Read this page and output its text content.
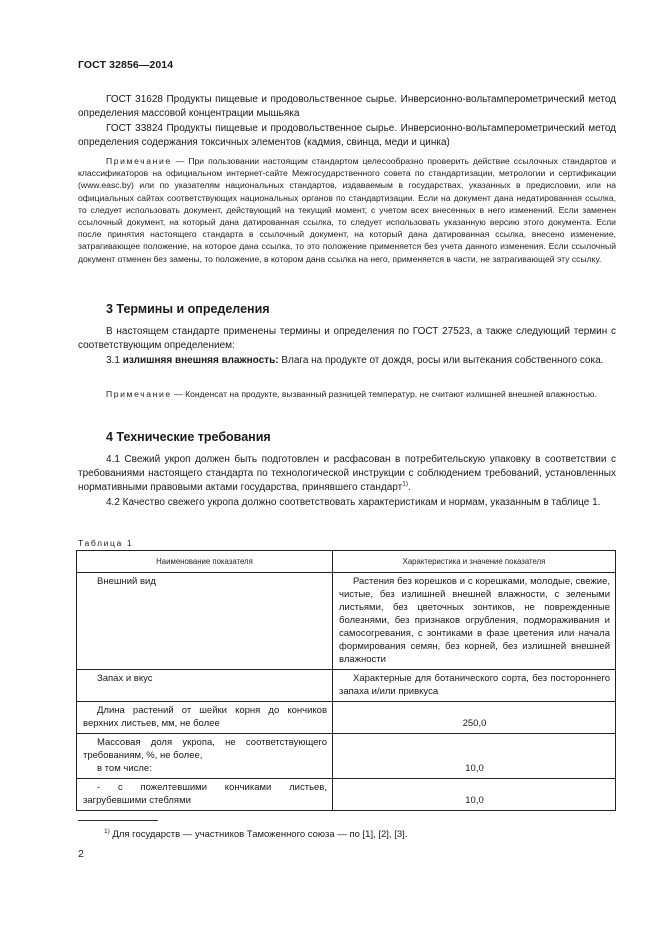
ГОСТ 32856—2014
ГОСТ 31628 Продукты пищевые и продовольственное сырье. Инверсионно-вольтамперометрический метод определения массовой концентрации мышьяка
ГОСТ 33824 Продукты пищевые и продовольственное сырье. Инверсионно-вольтамперометрический метод определения содержания токсичных элементов (кадмия, свинца, меди и цинка)
Примечание — При пользовании настоящим стандартом целесообразно проверить действие ссылочных стандартов и классификаторов на официальном интернет-сайте Межгосударственного совета по стандартизации, метрологии и сертификации (www.easc.by) или по указателям национальных стандартов, издаваемым в государствах, указанных в предисловии, или на официальных сайтах соответствующих национальных органов по стандартизации. Если на документ дана недатированная ссылка, то следует использовать документ, действующий на текущий момент, с учетом всех внесенных в него изменений. Если заменен ссылочный документ, на который дана датированная ссылка, то следует использовать указанную версию этого документа. Если после принятия настоящего стандарта в ссылочный документ, на который дана датированная ссылка, внесено изменение, затрагивающее положение, на которое дана ссылка, то это положение применяется без учета данного изменения. Если ссылочный документ отменен без замены, то положение, в котором дана ссылка на него, применяется в части, не затрагивающей эту ссылку.
3 Термины и определения
В настоящем стандарте применены термины и определения по ГОСТ 27523, а также следующий термин с соответствующим определением:
3.1 излишняя внешняя влажность: Влага на продукте от дождя, росы или вытекания собственного сока.
Примечание — Конденсат на продукте, вызванный разницей температур, не считают излишней внешней влажностью.
4 Технические требования
4.1 Свежий укроп должен быть подготовлен и расфасован в потребительскую упаковку в соответствии с требованиями настоящего стандарта по технологической инструкции с соблюдением требований, установленных нормативными правовыми актами государства, принявшего стандарт$^{1)}$.
4.2 Качество свежего укропа должно соответствовать характеристикам и нормам, указанным в таблице 1.
Таблица 1
Наименование показателя	Характеристика и значение показателя
Внешний вид	Растения без корешков и с корешками, молодые, свежие, чистые, без излишней внешней влажности, с зелеными листьями, без цветочных зонтиков, не поврежденные болезнями, без признаков огрубления, подмораживания и самосогревания, с зонтиками в фазе цветения или начала формирования семян, без корней, без излишней внешней влажности
Запах и вкус	Характерные для ботанического сорта, без постороннего запаха и/или привкуса
Длина растений от шейки корня до кончиков верхних листьев, мм, не более	250,0

Массовая доля укропа, не соответствующего требованиям, %, не более,
в том числе:	10,0
- с пожелтевшими кончиками листьев, загрубевшими стеблями	10,0
$^{1)}$ Для государств — участников Таможенного союза — по [1], [2], [3].
2
